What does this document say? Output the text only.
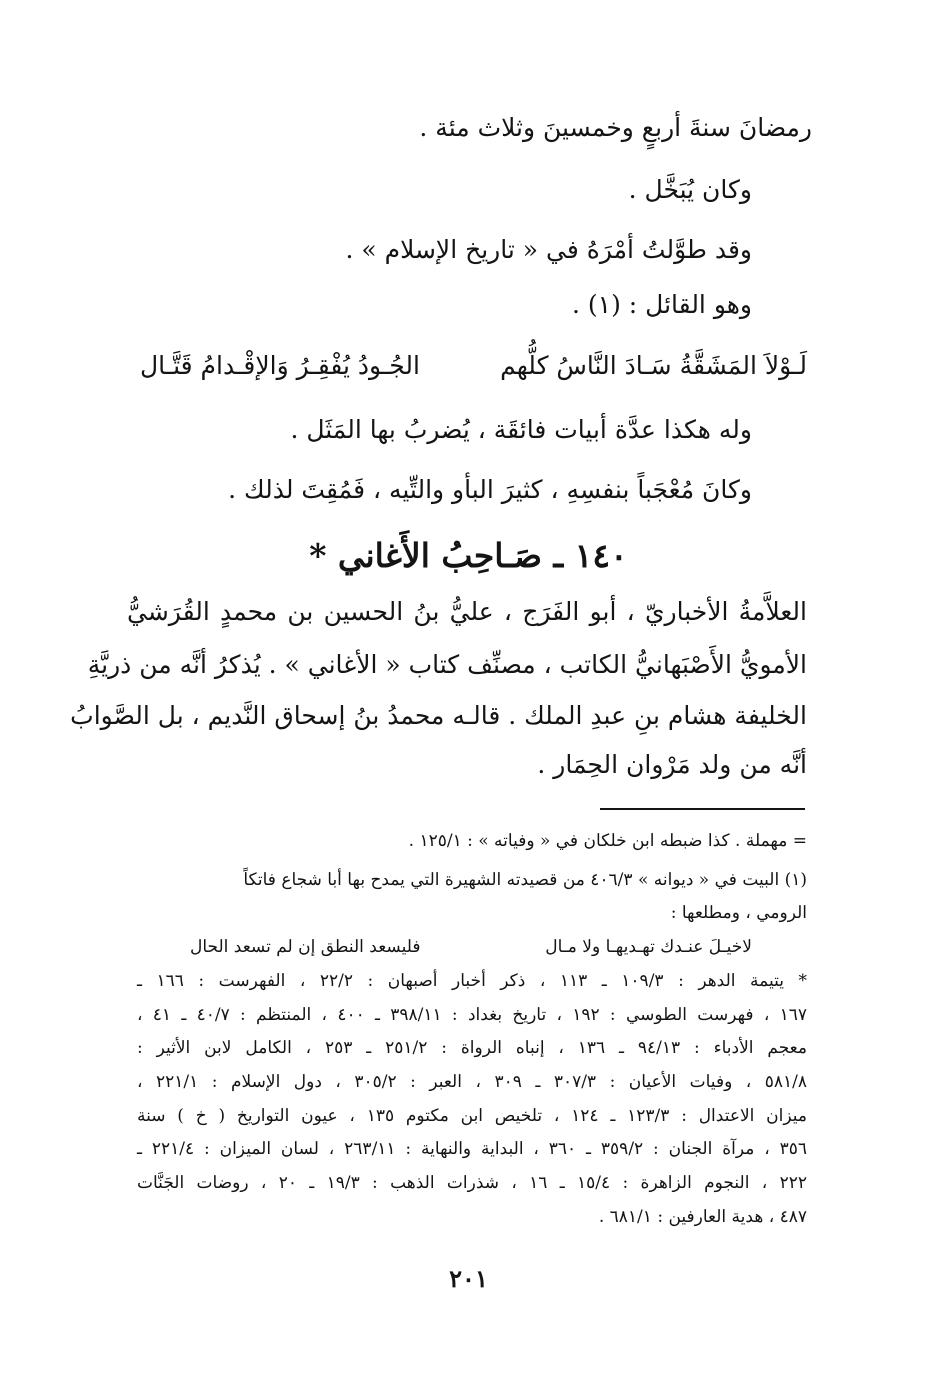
رمضانَ سنةَ أربعٍ وخمسينَ وثلاث مئة .
وكان يُبَخَّل .
وقد طوَّلتُ أمْرَهُ في « تاريخ الإسلام » .
وهو القائل : (١) .
لَـوْلاَ المَشَقَّةُ سَـادَ النَّاسُ كلُّهم
الجُـودُ يُفْقِـرُ وَالإقْـدامُ قَتَّـال
وله هكذا عدَّة أبيات فائقَة ، يُضربُ بها المَثَل .
وكانَ مُعْجَباً بنفسِهِ ، كثيرَ البأو والتِّيه ، فَمُقِتَ لذلك .
١٤٠ ـ صَـاحِبُ الأَغاني *
العلاَّمةُ الأخباريّ ، أبو الفَرَج ، عليُّ بنُ الحسين بن محمدٍ القُرَشيُّ
الأمويُّ الأَصْبَهانيُّ الكاتب ، مصنِّف كتاب « الأغاني » . يُذكرُ أنَّه من ذريَّةِ
الخليفة هشام بنِ عبدِ الملك . قالـه محمدُ بنُ إسحاق النَّديم ، بل الصَّوابُ
أنَّه من ولد مَرْوان الحِمَار .
= مهملة . كذا ضبطه ابن خلكان في « وفياته » : ١٢٥/١ .
(١) البيت في « ديوانه » ٤٠٦/٣ من قصيدته الشهيرة التي يمدح بها أبا شجاع فاتكاً
الرومي ، ومطلعها :
لاخيـلَ عنـدك تهـديهـا ولا مـال
فليسعد النطق إن لم تسعد الحال
* يتيمة الدهر : ١٠٩/٣ ـ ١١٣ ، ذكر أخبار أصبهان : ٢٢/٢ ، الفهرست : ١٦٦ ـ
١٦٧ ، فهرست الطوسي : ١٩٢ ، تاريخ بغداد : ٣٩٨/١١ ـ ٤٠٠ ، المنتظم : ٤٠/٧ ـ ٤١ ،
معجم الأدباء : ٩٤/١٣ ـ ١٣٦ ، إنباه الرواة : ٢٥١/٢ ـ ٢٥٣ ، الكامل لابن الأثير :
٥٨١/٨ ، وفيات الأعيان : ٣٠٧/٣ ـ ٣٠٩ ، العبر : ٣٠٥/٢ ، دول الإسلام : ٢٢١/١ ،
ميزان الاعتدال : ١٢٣/٣ ـ ١٢٤ ، تلخيص ابن مكتوم ١٣٥ ، عيون التواريخ ( خ ) سنة
٣٥٦ ، مرآة الجنان : ٣٥٩/٢ ـ ٣٦٠ ، البداية والنهاية : ٢٦٣/١١ ، لسان الميزان : ٢٢١/٤ ـ
٢٢٢ ، النجوم الزاهرة : ١٥/٤ ـ ١٦ ، شذرات الذهب : ١٩/٣ ـ ٢٠ ، روضات الجَنَّات
٤٨٧ ، هدية العارفين : ٦٨١/١ .
٢٠١
